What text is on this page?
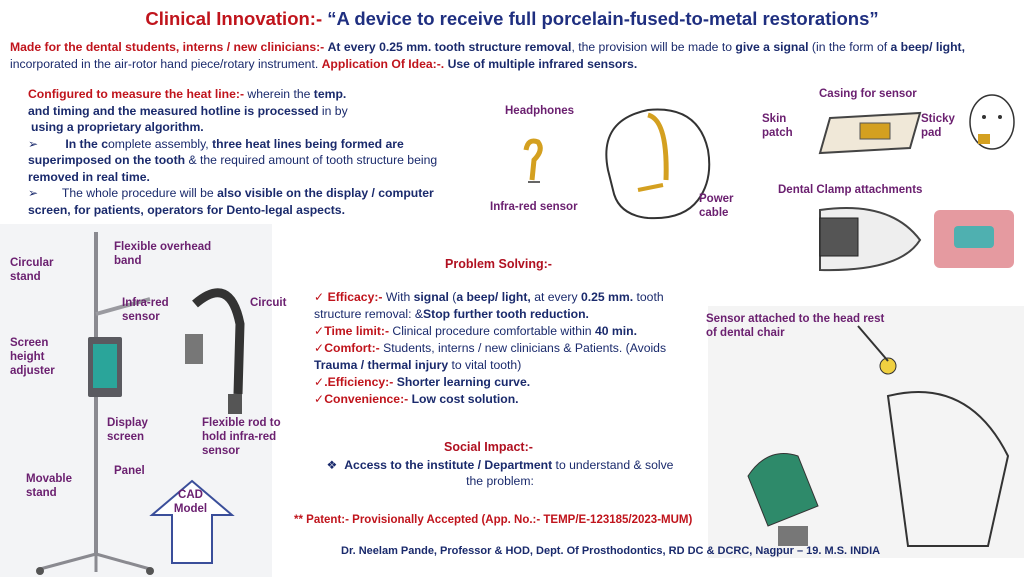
Clinical Innovation:- “A device to receive full porcelain-fused-to-metal restorations”
Made for the dental students, interns / new clinicians:- At every 0.25 mm. tooth structure removal, the provision will be made to give a signal (in the form of a beep/ light, incorporated in the air-rotor hand piece/rotary instrument. Application Of Idea:-. Use of multiple infrared sensors.

Configured to measure the heat line:- wherein the temp.

and timing and the measured hotline is processed in by

using a proprietary algorithm.

➢ In the complete assembly, three heat lines being formed are superimposed on the tooth & the required amount of tooth structure being removed in real time.

➢ The whole procedure will be also visible on the display / computer screen, for patients, operators for Dento-legal aspects.

Circular stand
Flexible overhead band
Infra-red sensor
Circuit
Screen height adjuster
Display screen
Flexible rod to hold infra-red sensor
Panel
Movable stand	CAD Model
Headphones
Infra-red sensor
Power cable
Casing for sensor
Skin patch
Sticky pad
Dental Clamp attachments
Sensor attached to the head rest of dental chair
Problem Solving:-
✓ Efficacy:- With signal (a beep/ light, at every 0.25 mm. tooth structure removal: &Stop further tooth reduction.
✓Time limit:- Clinical procedure comfortable within 40 min.
✓Comfort:- Students, interns / new clinicians & Patients. (Avoids Trauma / thermal injury to vital tooth)
✓.Efficiency:- Shorter learning curve.
✓Convenience:- Low cost solution.
Social Impact:-
❖ Access to the institute / Department to understand & solve the problem:
** Patent:- Provisionally Accepted (App. No.:- TEMP/E-123185/2023-MUM)
Dr. Neelam Pande, Professor & HOD, Dept. Of Prosthodontics, RD DC & DCRC, Nagpur – 19. M.S. INDIA
